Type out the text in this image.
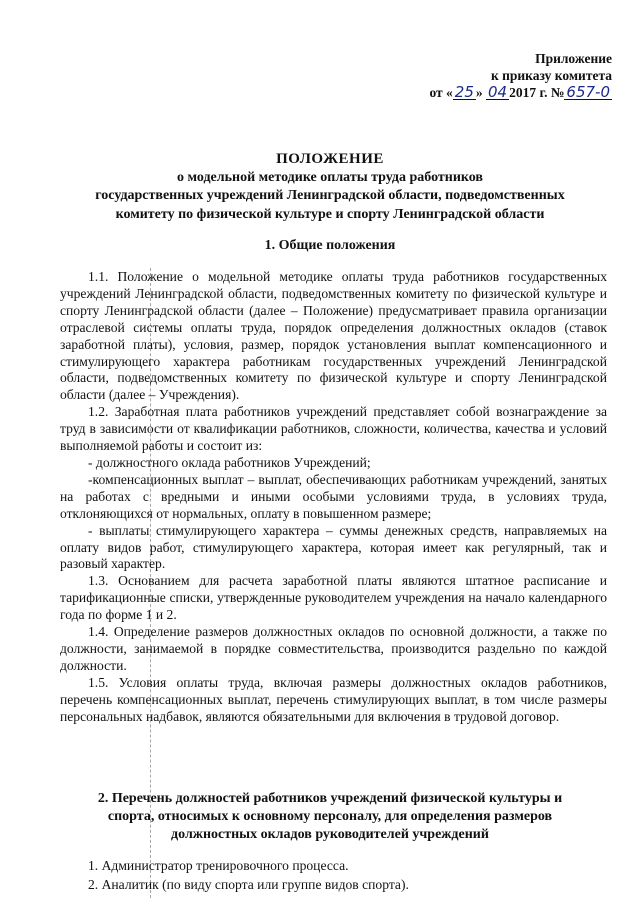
Приложение
к приказу комитета
от « 25 » 04 2017 г. № 657-0
ПОЛОЖЕНИЕ
о модельной методике оплаты труда работников
государственных учреждений Ленинградской области, подведомственных
комитету по физической культуре и спорту Ленинградской области
1. Общие положения

1.1. Положение о модельной методике оплаты труда работников государственных учреждений Ленинградской области, подведомственных комитету по физической культуре и спорту Ленинградской области (далее – Положение) предусматривает правила организации отраслевой системы оплаты труда, порядок определения должностных окладов (ставок заработной платы), условия, размер, порядок установления выплат компенсационного и стимулирующего характера работникам государственных учреждений Ленинградской области, подведомственных комитету по физической культуре и спорту Ленинградской области (далее – Учреждения).

1.2. Заработная плата работников учреждений представляет собой вознаграждение за труд в зависимости от квалификации работников, сложности, количества, качества и условий выполняемой работы и состоит из:

- должностного оклада работников Учреждений;

-компенсационных выплат – выплат, обеспечивающих работникам учреждений, занятых на работах с вредными и иными особыми условиями труда, в условиях труда, отклоняющихся от нормальных, оплату в повышенном размере;

- выплаты стимулирующего характера – суммы денежных средств, направляемых на оплату видов работ, стимулирующего характера, которая имеет как регулярный, так и разовый характер.

1.3. Основанием для расчета заработной платы являются штатное расписание и тарификационные списки, утвержденные руководителем учреждения на начало календарного года по форме 1 и 2.

1.4. Определение размеров должностных окладов по основной должности, а также по должности, занимаемой в порядке совместительства, производится раздельно по каждой должности.

1.5. Условия оплаты труда, включая размеры должностных окладов работников, перечень компенсационных выплат, перечень стимулирующих выплат, в том числе размеры персональных надбавок, являются обязательными для включения в трудовой договор.

2. Перечень должностей работников учреждений физической культуры и
спорта, относимых к основному персоналу, для определения размеров
должностных окладов руководителей учреждений
1. Администратор тренировочного процесса.
2. Аналитик (по виду спорта или группе видов спорта).
